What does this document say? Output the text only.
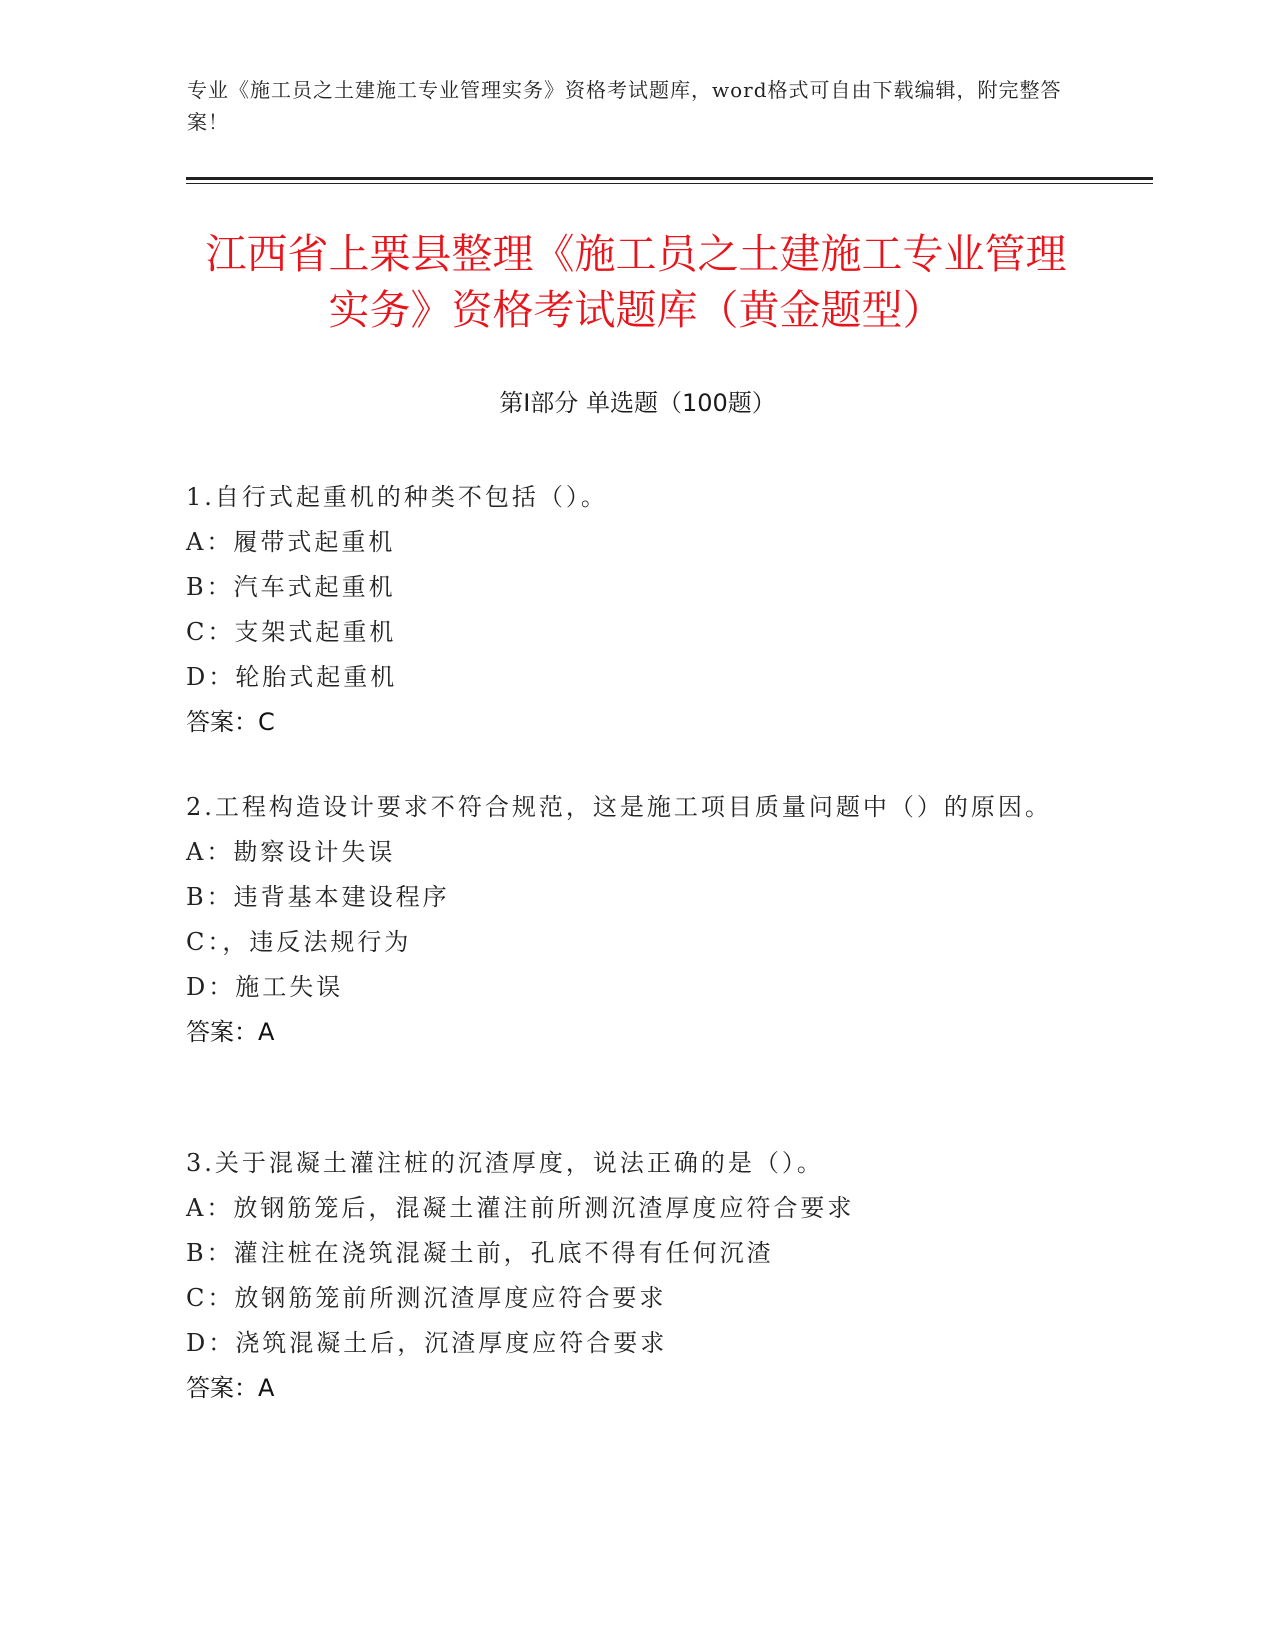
专业《施工员之土建施工专业管理实务》资格考试题库，word格式可自由下载编辑，附完整答案！
江西省上栗县整理《施工员之土建施工专业管理实务》资格考试题库（黄金题型）
第Ⅰ部分 单选题（100题）
1.自行式起重机的种类不包括（）。
A：履带式起重机
B：汽车式起重机
C：支架式起重机
D：轮胎式起重机
答案：C
2.工程构造设计要求不符合规范，这是施工项目质量问题中（）的原因。
A：勘察设计失误
B：违背基本建设程序
C：，违反法规行为
D：施工失误
答案：A
3.关于混凝土灌注桩的沉渣厚度，说法正确的是（）。
A：放钢筋笼后，混凝土灌注前所测沉渣厚度应符合要求
B：灌注桩在浇筑混凝土前，孔底不得有任何沉渣
C：放钢筋笼前所测沉渣厚度应符合要求
D：浇筑混凝土后，沉渣厚度应符合要求
答案：A
